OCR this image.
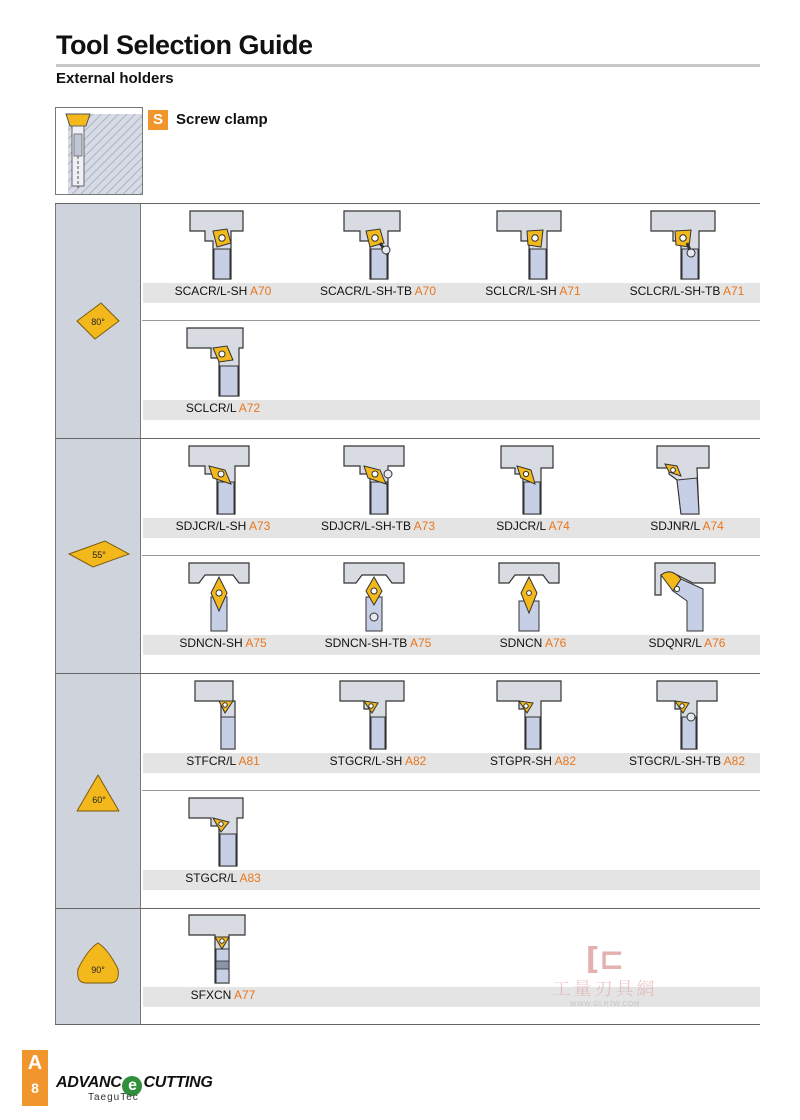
Tool Selection Guide
External holders
S Screw clamp
80°
55°
60°
90°
SCACR/L-SH A70	SCACR/L-SH-TB A70	SCLCR/L-SH A71	SCLCR/L-SH-TB A71
SCLCR/L A72
SDJCR/L-SH A73	SDJCR/L-SH-TB A73	SDJCR/L A74	SDJNR/L A74
SDNCN-SH A75	SDNCN-SH-TB A75	SDNCN A76	SDQNR/L A76
STFCR/L A81	STGCR/L-SH A82	STGPR-SH A82	STGCR/L-SH-TB A82
STGCR/L A83
SFXCN A77
[⊏
工量刃具網
WWW.GLRJW.COM
A
8	ADVANC e CUTTING
TaeguTec
